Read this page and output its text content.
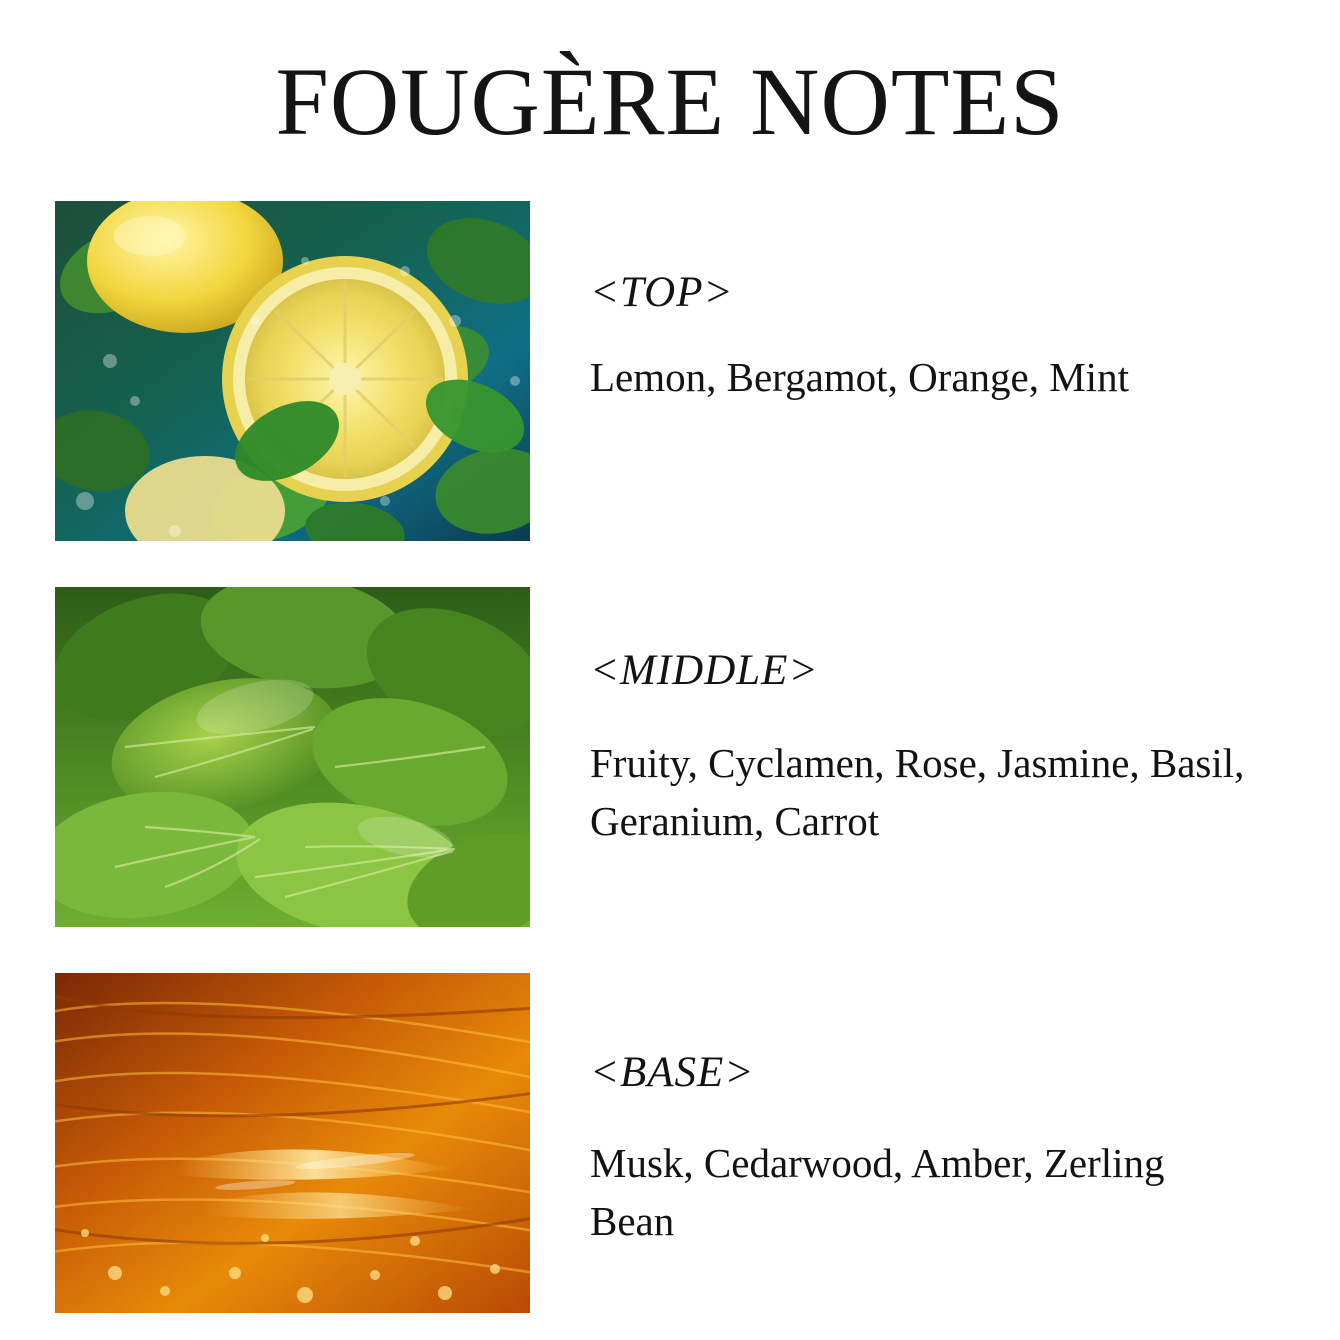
FOUGÈRE NOTES
<TOP>
Lemon, Bergamot, Orange, Mint
<MIDDLE>
Fruity, Cyclamen, Rose, Jasmine, Basil, Geranium, Carrot
<BASE>
Musk, Cedarwood, Amber, Zerling Bean
